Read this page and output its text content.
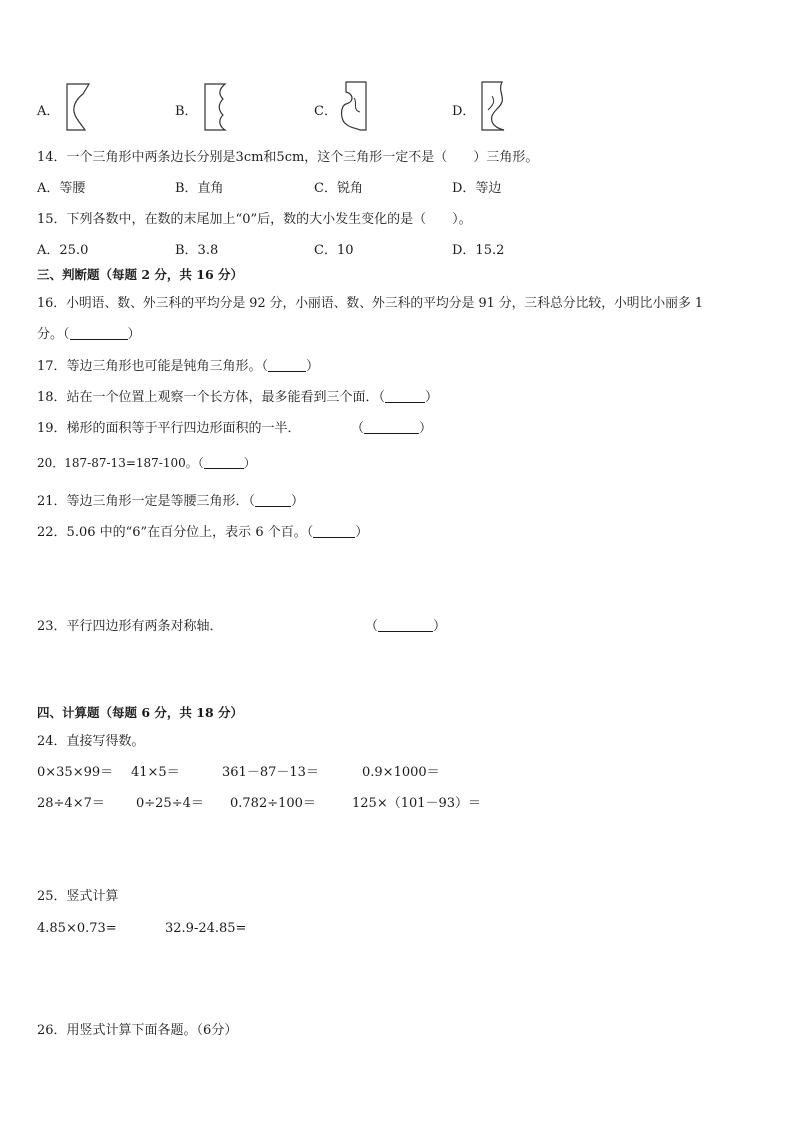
A．	B．	C．	D．
14．一个三角形中两条边长分别是3cm和5cm，这个三角形一定不是（ ）三角形。
A．等腰	B．直角	C．锐角	D．等边
15．下列各数中，在数的末尾加上“0”后，数的大小发生变化的是（　　）。
A．25.0	B．3.8	C．10	D．15.2
三、判断题（每题 2 分，共 16 分）
16．小明语、数、外三科的平均分是 92 分，小丽语、数、外三科的平均分是 91 分，三科总分比较，小明比小丽多 1
分。（	）
17．等边三角形也可能是钝角三角形。（	）
18．站在一个位置上观察一个长方体，最多能看到三个面．（	）
19．梯形的面积等于平行四边形面积的一半．	（	）
20．187-87-13=187-100。（	）
21．等边三角形一定是等腰三角形．（	）
22．5.06 中的“6”在百分位上，表示 6 个百。（	）
23．平行四边形有两条对称轴．	（	）
四、计算题（每题 6 分，共 18 分）
24．直接写得数。
0×35×99＝ 41×5＝	361－87－13＝	0.9×1000＝
28÷4×7＝ 0÷25÷4＝ 0.782÷100＝	125×（101－93）＝
25．竖式计算
4.85×0.73=	32.9-24.85=
26．用竖式计算下面各题。（6分）
